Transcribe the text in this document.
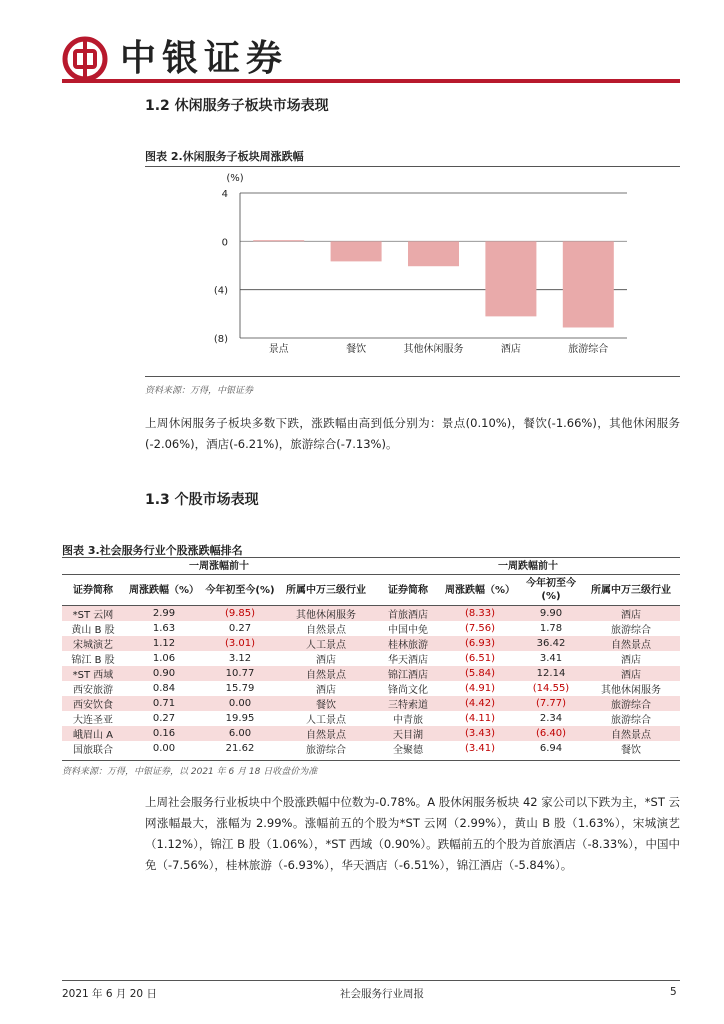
中银证券
1.2 休闲服务子板块市场表现
图表 2.休闲服务子板块周涨跌幅
(%)
4
0
(4)
(8)
景点	餐饮	其他休闲服务	酒店	旅游综合
资料来源：万得，中银证券
上周休闲服务子板块多数下跌，涨跌幅由高到低分别为：景点(0.10%)，餐饮(-1.66%)，其他休闲服务(-2.06%)，酒店(-6.21%)，旅游综合(-7.13%)。
1.3 个股市场表现
图表 3.社会服务行业个股涨跌幅排名
一周涨幅前十				一周跌幅前十			
证券简称	周涨跌幅（%）	今年初至今(%)	所属中万三级行业	证券简称	周涨跌幅（%）	今年初至今(%)	所属中万三级行业
*ST 云网	2.99	(9.85)	其他休闲服务	首旅酒店	(8.33)	9.90	酒店
黄山 B 股	1.63	0.27	自然景点	中国中免	(7.56)	1.78	旅游综合
宋城演艺	1.12	(3.01)	人工景点	桂林旅游	(6.93)	36.42	自然景点
锦江 B 股	1.06	3.12	酒店	华天酒店	(6.51)	3.41	酒店
*ST 西域	0.90	10.77	自然景点	锦江酒店	(5.84)	12.14	酒店
西安旅游	0.84	15.79	酒店	锋尚文化	(4.91)	(14.55)	其他休闲服务
西安饮食	0.71	0.00	餐饮	三特索道	(4.42)	(7.77)	旅游综合
大连圣亚	0.27	19.95	人工景点	中青旅	(4.11)	2.34	旅游综合
峨眉山 A	0.16	6.00	自然景点	天目湖	(3.43)	(6.40)	自然景点
国旅联合	0.00	21.62	旅游综合	全聚德	(3.41)	6.94	餐饮
资料来源：万得，中银证券，以 2021 年 6 月 18 日收盘价为准
上周社会服务行业板块中个股涨跌幅中位数为-0.78%。A 股休闲服务板块 42 家公司以下跌为主，*ST 云网涨幅最大，涨幅为 2.99%。涨幅前五的个股为*ST 云网（2.99%），黄山 B 股（1.63%），宋城演艺（1.12%），锦江 B 股（1.06%），*ST 西域（0.90%）。跌幅前五的个股为首旅酒店（-8.33%），中国中免（-7.56%），桂林旅游（-6.93%），华天酒店（-6.51%），锦江酒店（-5.84%）。
2021 年 6 月 20 日	社会服务行业周报	5
